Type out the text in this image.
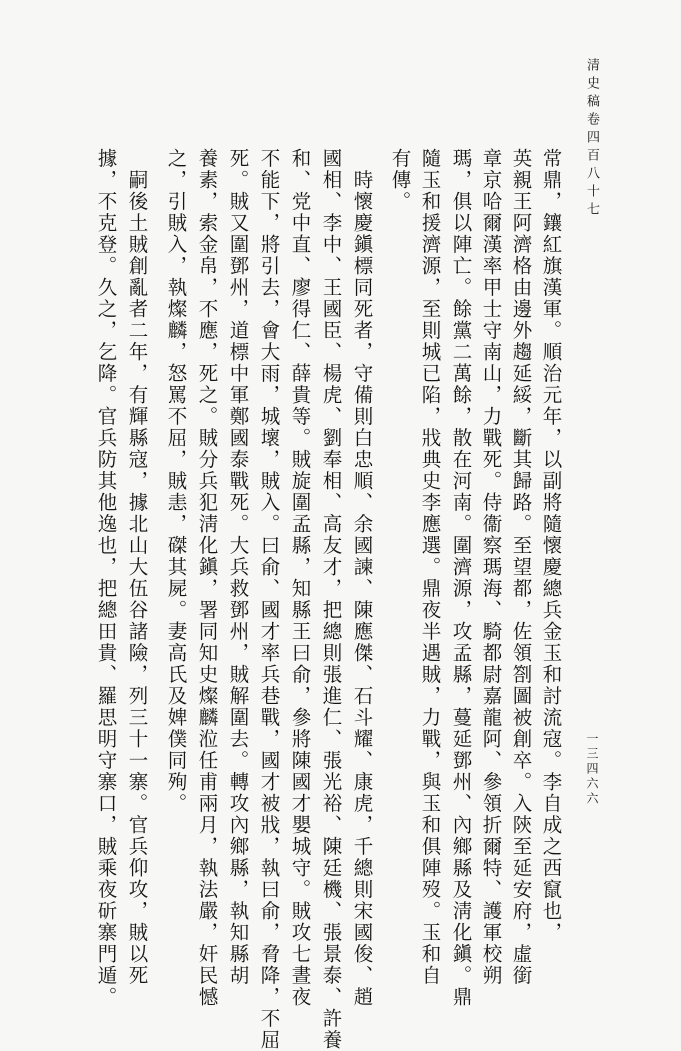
清史稿卷四百八十七
一三四六六
常鼎，鑲紅旗漢軍。順治元年，以副將隨懷慶總兵金玉和討流寇。李自成之西竄也，
英親王阿濟格由邊外趨延綏，斷其歸路。至望都，佐領劄圖被創卒。入陝至延安府，虛銜
章京哈爾漢率甲士守南山，力戰死。侍衞察瑪海、騎都尉嘉龍阿、參領折爾特、護軍校朔
瑪，俱以陣亡。餘黨二萬餘，散在河南。圍濟源，攻孟縣，蔓延鄧州、內鄉縣及淸化鎭。鼎
隨玉和援濟源，至則城已陷，戕典史李應選。鼎夜半遇賊，力戰，與玉和俱陣歿。玉和自
有傳。
　時懷慶鎭標同死者，守備則白忠順、余國諫、陳應傑、石斗耀、康虎，千總則宋國俊、趙
國相、李中、王國臣、楊虎、劉奉相、高友才，把總則張進仁、張光裕、陳廷機、張景泰、許養
和、党中直、廖得仁、薛貴等。賊旋圍孟縣，知縣王曰俞，參將陳國才嬰城守。賊攻七晝夜
不能下，將引去，會大雨，城壞，賊入。曰俞、國才率兵巷戰，國才被戕，執曰俞，脅降，不屈
死。賊又圍鄧州，道標中軍鄭國泰戰死。大兵救鄧州，賊解圍去。轉攻內鄉縣，執知縣胡
養素，索金帛，不應，死之。賊分兵犯淸化鎭，署同知史燦麟涖任甫兩月，執法嚴，奸民憾
之，引賊入，執燦麟，怒罵不屈，賊恚，磔其屍。妻高氏及婢僕同殉。
　嗣後土賊創亂者二年，有輝縣寇，據北山大伍谷諸險，列三十一寨。官兵仰攻，賊以死
據，不克登。久之，乞降。官兵防其他逸也，把總田貴、羅思明守寨口，賊乘夜斫寨門遁。
